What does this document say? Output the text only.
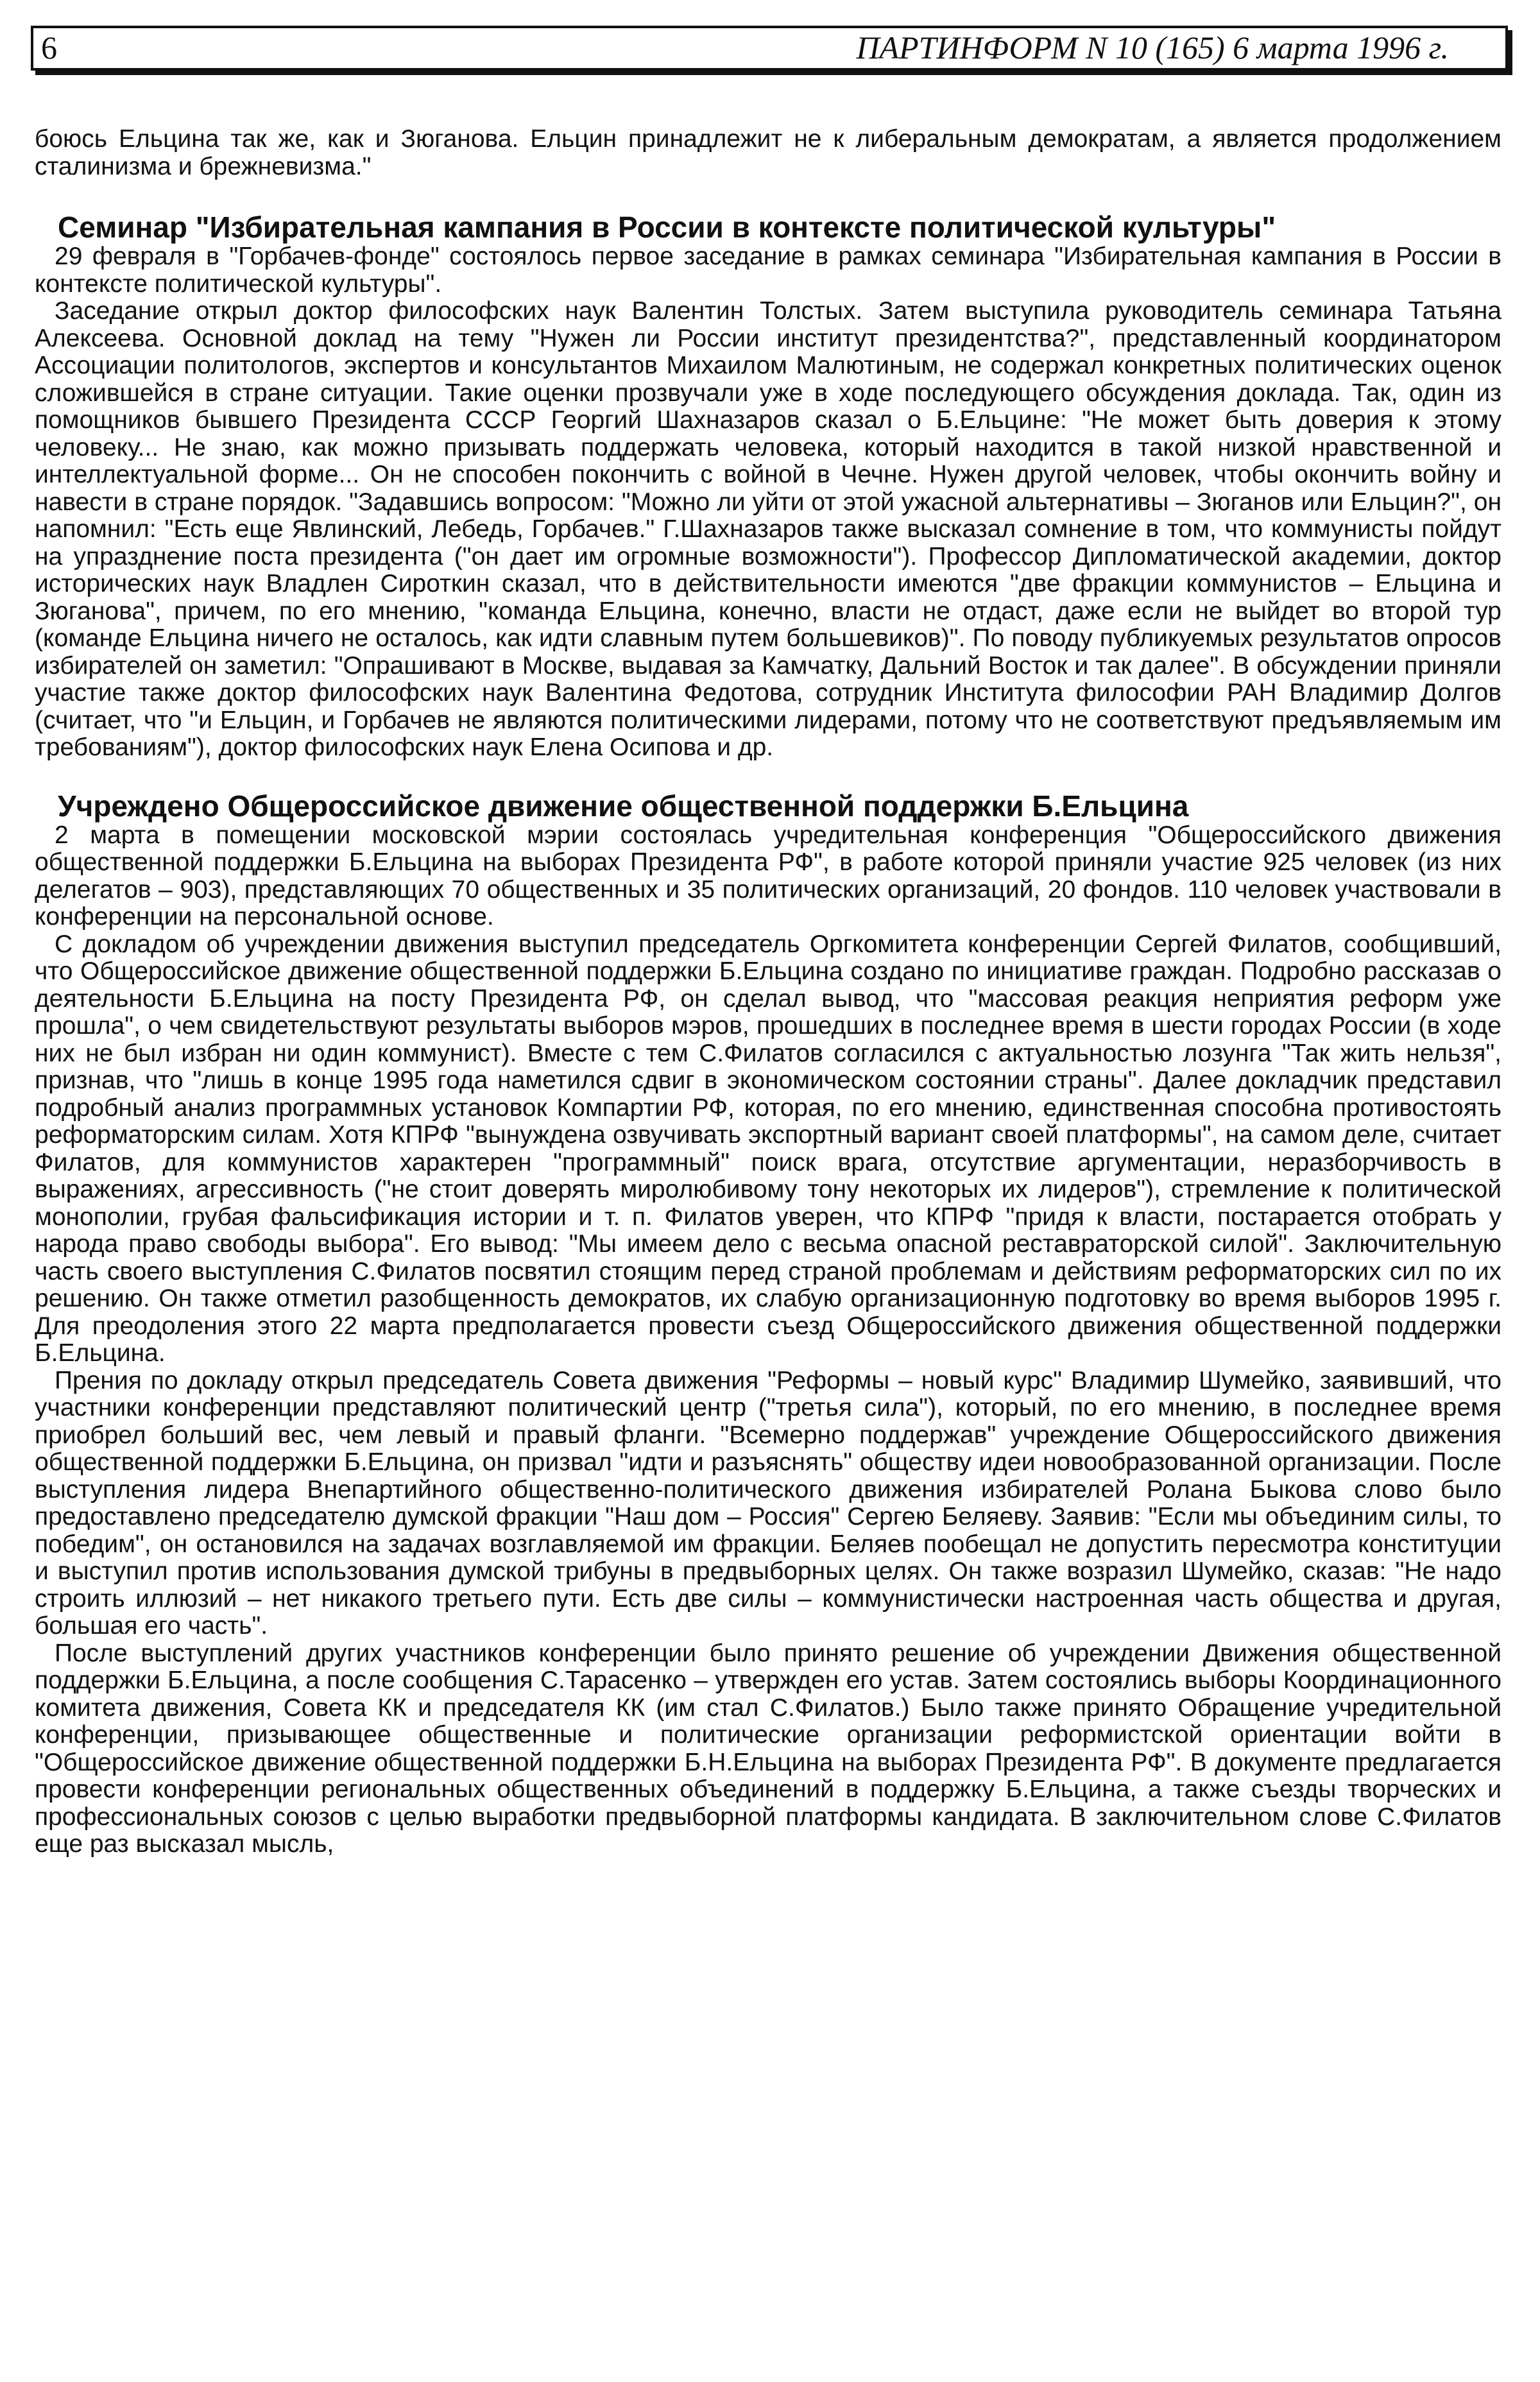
6	ПАРТИНФОРМ N 10 (165) 6 марта 1996 г.

боюсь Ельцина так же, как и Зюганова. Ельцин принадлежит не к либеральным демократам, а является продолжением сталинизма и брежневизма."

Семинар "Избирательная кампания в России в контексте политической культуры"

29 февраля в "Горбачев-фонде" состоялось первое заседание в рамках семинара "Избирательная кампания в России в контексте политической культуры".

Заседание открыл доктор философских наук Валентин Толстых. Затем выступила руководитель семинара Татьяна Алексеева. Основной доклад на тему "Нужен ли России институт президентства?", представленный координатором Ассоциации политологов, экспертов и консультантов Михаилом Малютиным, не содержал конкретных политических оценок сложившейся в стране ситуации. Такие оценки прозвучали уже в ходе последующего обсуждения доклада. Так, один из помощников бывшего Президента СССР Георгий Шахназаров сказал о Б.Ельцине: "Не может быть доверия к этому человеку... Не знаю, как можно призывать поддержать человека, который находится в такой низкой нравственной и интеллектуальной форме... Он не способен покончить с войной в Чечне. Нужен другой человек, чтобы окончить войну и навести в стране порядок. "Задавшись вопросом: "Можно ли уйти от этой ужасной альтернативы – Зюганов или Ельцин?", он напомнил: "Есть еще Явлинский, Лебедь, Горбачев." Г.Шахназаров также высказал сомнение в том, что коммунисты пойдут на упразднение поста президента ("он дает им огромные возможности"). Профессор Дипломатической академии, доктор исторических наук Владлен Сироткин сказал, что в действительности имеются "две фракции коммунистов – Ельцина и Зюганова", причем, по его мнению, "команда Ельцина, конечно, власти не отдаст, даже если не выйдет во второй тур (команде Ельцина ничего не осталось, как идти славным путем большевиков)". По поводу публикуемых результатов опросов избирателей он заметил: "Опрашивают в Москве, выдавая за Камчатку, Дальний Восток и так далее". В обсуждении приняли участие также доктор философских наук Валентина Федотова, сотрудник Института философии РАН Владимир Долгов (считает, что "и Ельцин, и Горбачев не являются политическими лидерами, потому что не соответствуют предъявляемым им требованиям"), доктор философских наук Елена Осипова и др.

Учреждено Общероссийское движение общественной поддержки Б.Ельцина

2 марта в помещении московской мэрии состоялась учредительная конференция "Общероссийского движения общественной поддержки Б.Ельцина на выборах Президента РФ", в работе которой приняли участие 925 человек (из них делегатов – 903), представляющих 70 общественных и 35 политических организаций, 20 фондов. 110 человек участвовали в конференции на персональной основе.

С докладом об учреждении движения выступил председатель Оргкомитета конференции Сергей Филатов, сообщивший, что Общероссийское движение общественной поддержки Б.Ельцина создано по инициативе граждан. Подробно рассказав о деятельности Б.Ельцина на посту Президента РФ, он сделал вывод, что "массовая реакция неприятия реформ уже прошла", о чем свидетельствуют результаты выборов мэров, прошедших в последнее время в шести городах России (в ходе них не был избран ни один коммунист). Вместе с тем С.Филатов согласился с актуальностью лозунга "Так жить нельзя", признав, что "лишь в конце 1995 года наметился сдвиг в экономическом состоянии страны". Далее докладчик представил подробный анализ программных установок Компартии РФ, которая, по его мнению, единственная способна противостоять реформаторским силам. Хотя КПРФ "вынуждена озвучивать экспортный вариант своей платформы", на самом деле, считает Филатов, для коммунистов характерен "программный" поиск врага, отсутствие аргументации, неразборчивость в выражениях, агрессивность ("не стоит доверять миролюбивому тону некоторых их лидеров"), стремление к политической монополии, грубая фальсификация истории и т. п. Филатов уверен, что КПРФ "придя к власти, постарается отобрать у народа право свободы выбора". Его вывод: "Мы имеем дело с весьма опасной реставраторской силой". Заключительную часть своего выступления С.Филатов посвятил стоящим перед страной проблемам и действиям реформаторских сил по их решению. Он также отметил разобщенность демократов, их слабую организационную подготовку во время выборов 1995 г. Для преодоления этого 22 марта предполагается провести съезд Общероссийского движения общественной поддержки Б.Ельцина.

Прения по докладу открыл председатель Совета движения "Реформы – новый курс" Владимир Шумейко, заявивший, что участники конференции представляют политический центр ("третья сила"), который, по его мнению, в последнее время приобрел больший вес, чем левый и правый фланги. "Всемерно поддержав" учреждение Общероссийского движения общественной поддержки Б.Ельцина, он призвал "идти и разъяснять" обществу идеи новообразованной организации. После выступления лидера Внепартийного общественно-политического движения избирателей Ролана Быкова слово было предоставлено председателю думской фракции "Наш дом – Россия" Сергею Беляеву. Заявив: "Если мы объединим силы, то победим", он остановился на задачах возглавляемой им фракции. Беляев пообещал не допустить пересмотра конституции и выступил против использования думской трибуны в предвыборных целях. Он также возразил Шумейко, сказав: "Не надо строить иллюзий – нет никакого третьего пути. Есть две силы – коммунистически настроенная часть общества и другая, большая его часть".

После выступлений других участников конференции было принято решение об учреждении Движения общественной поддержки Б.Ельцина, а после сообщения С.Тарасенко – утвержден его устав. Затем состоялись выборы Координационного комитета движения, Совета КК и председателя КК (им стал С.Филатов.) Было также принято Обращение учредительной конференции, призывающее общественные и политические организации реформистской ориентации войти в "Общероссийское движение общественной поддержки Б.Н.Ельцина на выборах Президента РФ". В документе предлагается провести конференции региональных общественных объединений в поддержку Б.Ельцина, а также съезды творческих и профессиональных союзов с целью выработки предвыборной платформы кандидата. В заключительном слове С.Филатов еще раз высказал мысль,
